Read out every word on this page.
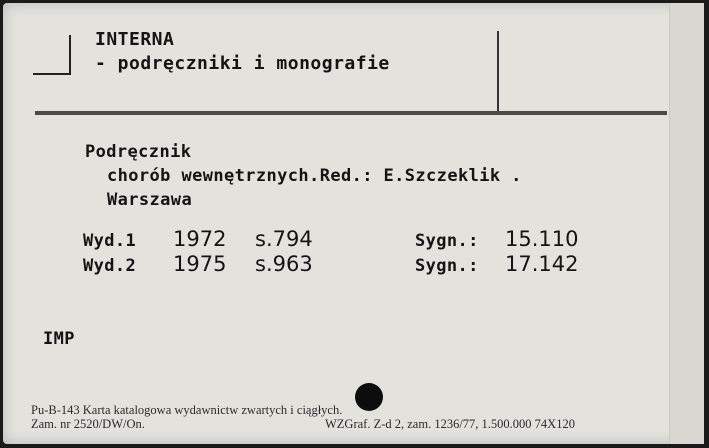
INTERNA
- podręczniki i monografie
Podręcznik
chorób wewnętrznych.Red.: E.Szczeklik .
Warszawa
Wyd.1 1972 s.794	Sygn.: 15.110
Wyd.2 1975 s.963	Sygn.: 17.142
IMP
Pu-B-143 Karta katalogowa wydawnictw zwartych i ciągłych.
Zam. nr 2520/DW/On.	WZGraf. Z-d 2, zam. 1236/77, 1.500.000 74X120
